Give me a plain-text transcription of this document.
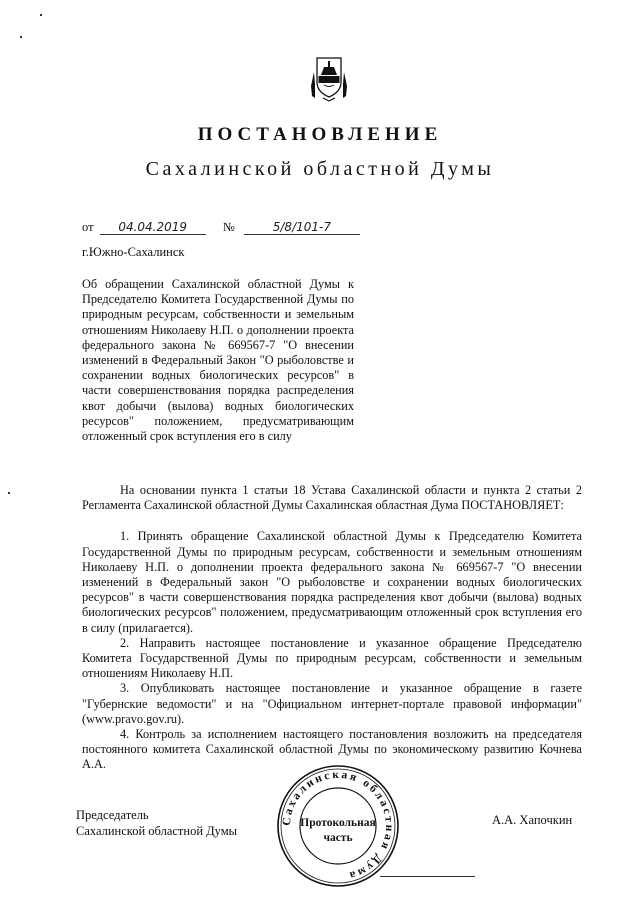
ПОСТАНОВЛЕНИЕ
Сахалинской областной Думы
от 04.04.2019	№	5/8/101-7
г.Южно-Сахалинск

Об обращении Сахалинской областной Думы к Председателю Комитета Государственной Думы по природным ресурсам, собственности и земельным отношениям Николаеву Н.П. о дополнении проекта федерального закона № 669567-7 "О внесении изменений в Федеральный Закон "О рыболовстве и сохранении водных биологических ресурсов" в части совершенствования порядка распределения квот добычи (вылова) водных биологических ресурсов" положением, предусматривающим отложенный срок вступления его в силу

На основании пункта 1 статьи 18 Устава Сахалинской области и пункта 2 статьи 2 Регламента Сахалинской областной Думы Сахалинская областная Дума ПОСТАНОВЛЯЕТ:

1. Принять обращение Сахалинской областной Думы к Председателю Комитета Государственной Думы по природным ресурсам, собственности и земельным отношениям Николаеву Н.П. о дополнении проекта федерального закона № 669567-7 "О внесении изменений в Федеральный закон "О рыболовстве и сохранении водных биологических ресурсов" в части совершенствования порядка распределения квот добычи (вылова) водных биологических ресурсов" положением, предусматривающим отложенный срок вступления его в силу (прилагается).

2. Направить настоящее постановление и указанное обращение Председателю Комитета Государственной Думы по природным ресурсам, собственности и земельным отношениям Николаеву Н.П.

3. Опубликовать настоящее постановление и указанное обращение в газете "Губернские ведомости" и на "Официальном интернет-портале правовой информации" (www.pravo.gov.ru).

4. Контроль за исполнением настоящего постановления возложить на председателя постоянного комитета Сахалинской областной Думы по экономическому развитию Кочнева А.А.

Председатель
Сахалинской областной Думы
А.А. Хапочкин
Сахалинская областная Дума
Протокольная
часть
